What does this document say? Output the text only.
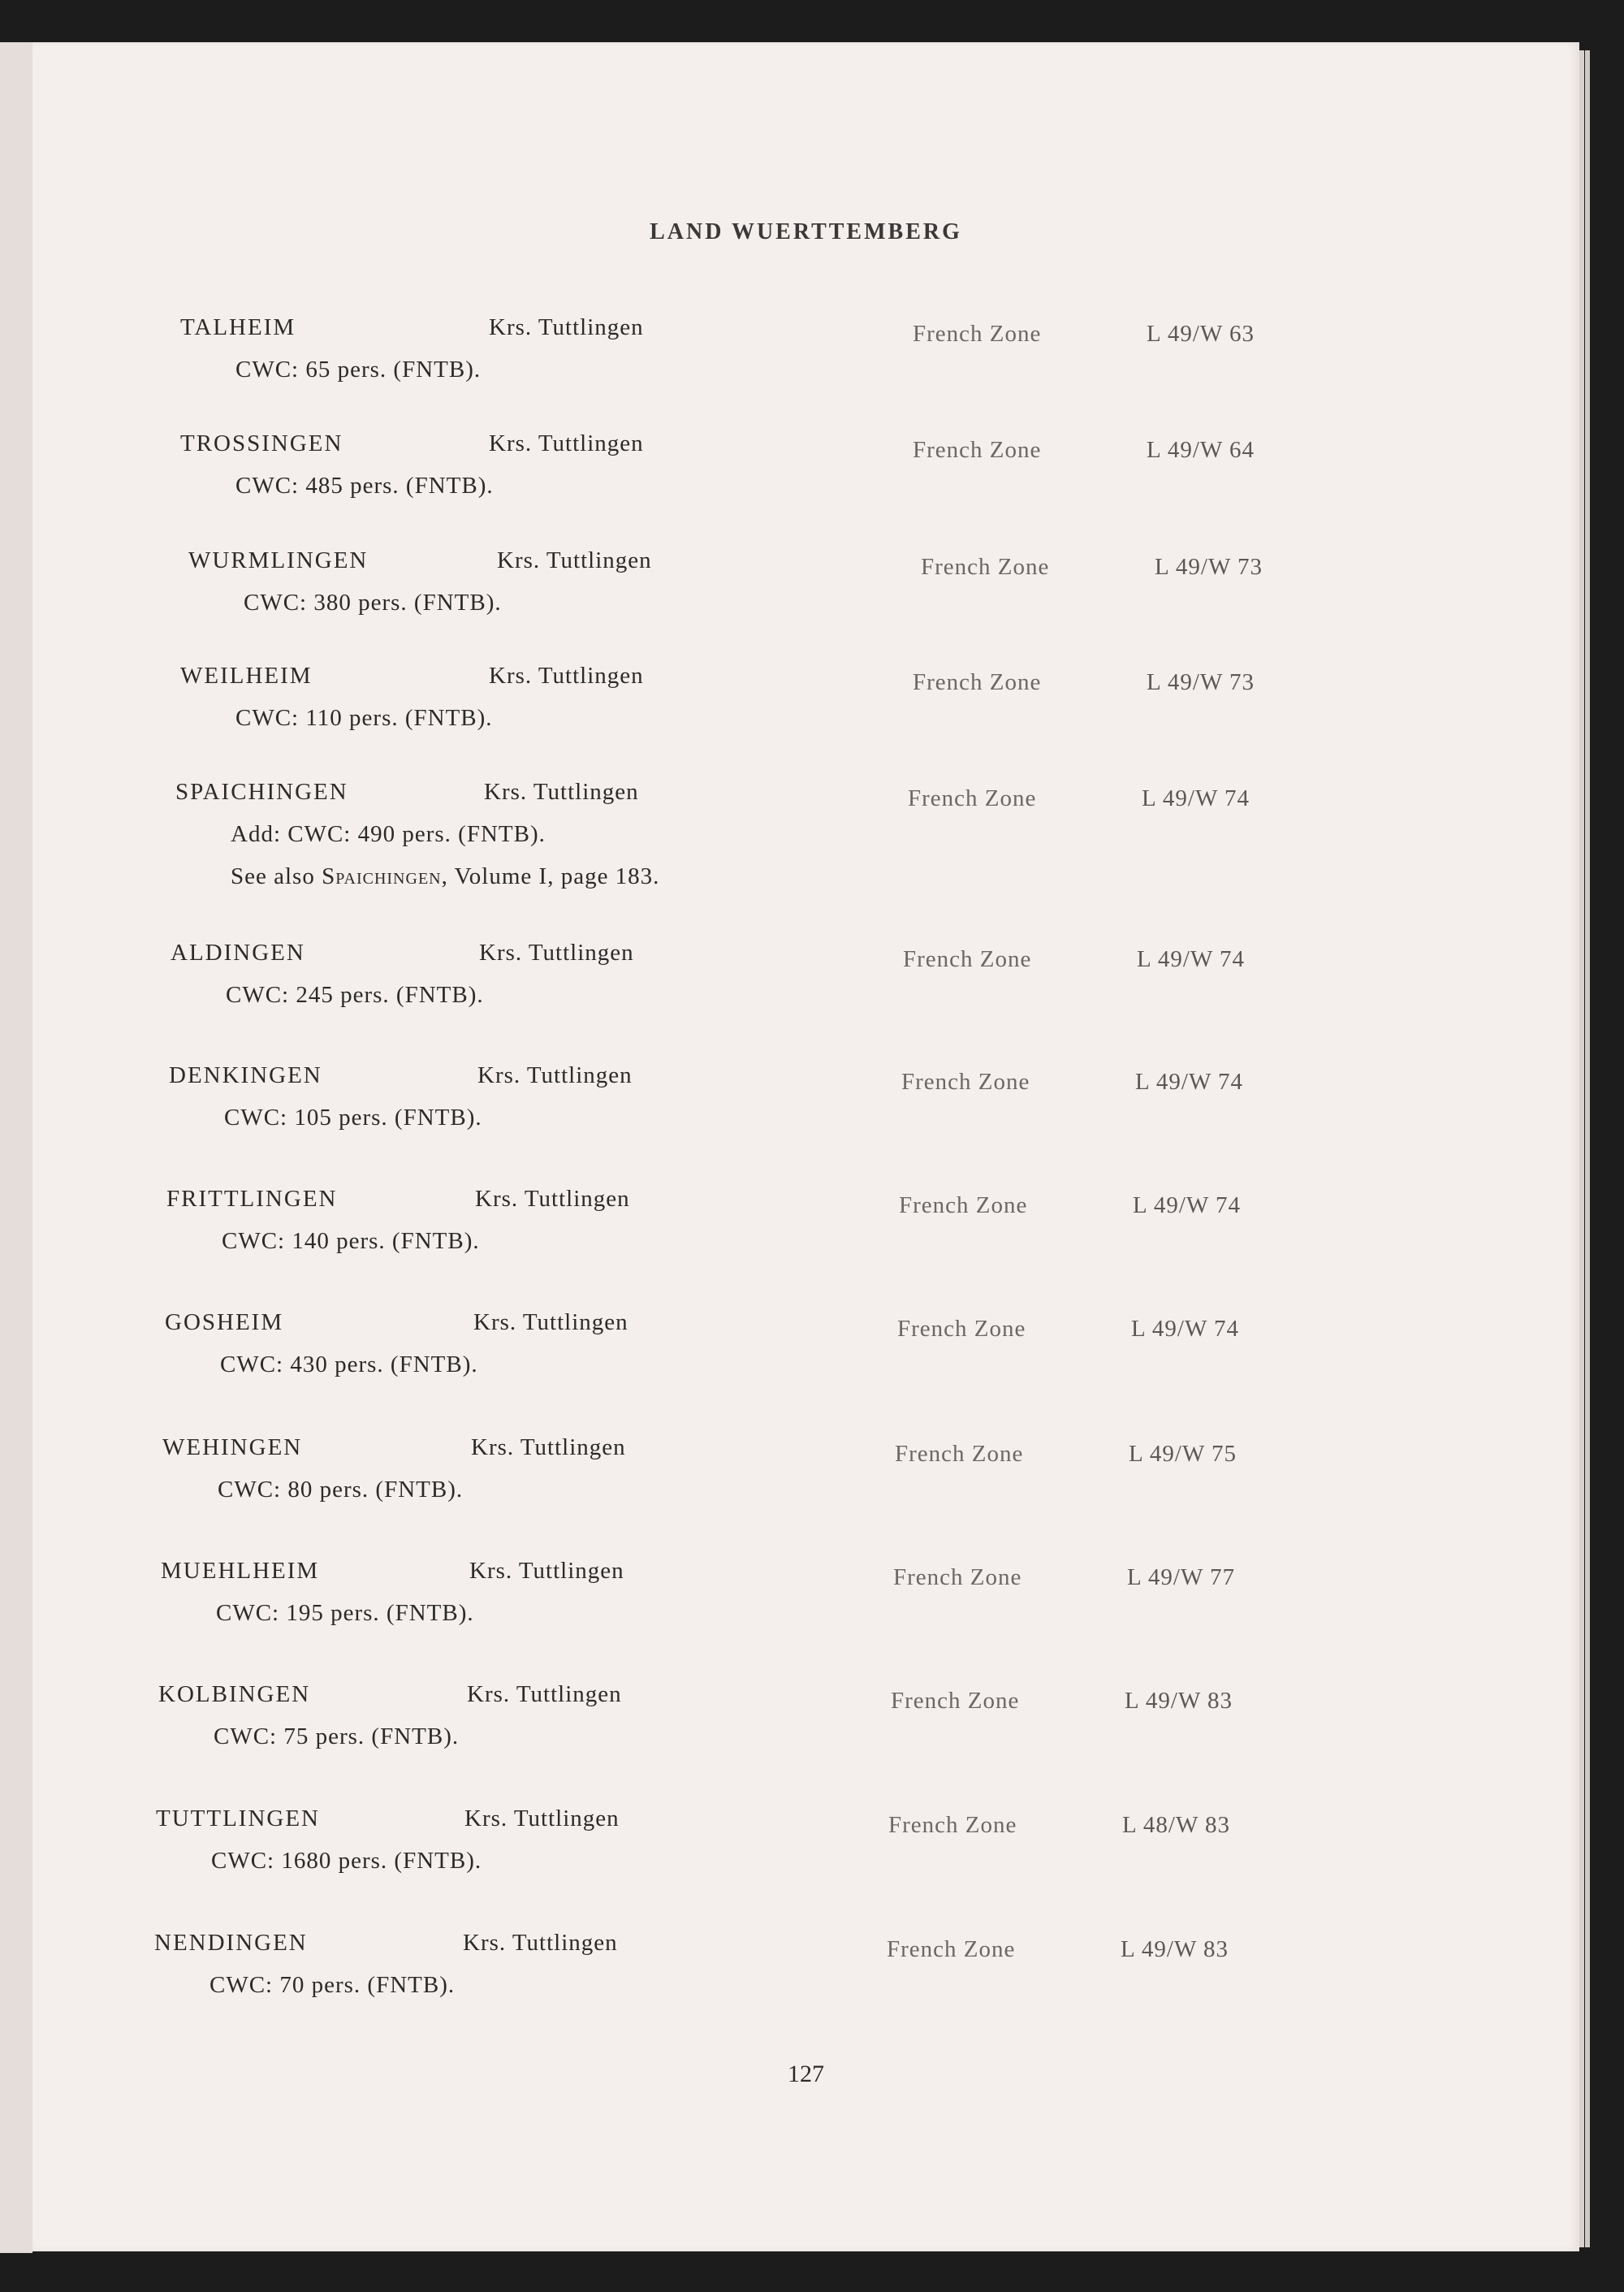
LAND WUERTTEMBERG
TALHEIM	Krs. Tuttlingen	French Zone	L 49/W 63
CWC: 65 pers. (FNTB).
TROSSINGEN	Krs. Tuttlingen	French Zone	L 49/W 64
CWC: 485 pers. (FNTB).
WURMLINGEN	Krs. Tuttlingen	French Zone	L 49/W 73
CWC: 380 pers. (FNTB).
WEILHEIM	Krs. Tuttlingen	French Zone	L 49/W 73
CWC: 110 pers. (FNTB).
SPAICHINGEN	Krs. Tuttlingen	French Zone	L 49/W 74
Add: CWC: 490 pers. (FNTB).
See also Spaichingen, Volume I, page 183.
ALDINGEN	Krs. Tuttlingen	French Zone	L 49/W 74
CWC: 245 pers. (FNTB).
DENKINGEN	Krs. Tuttlingen	French Zone	L 49/W 74
CWC: 105 pers. (FNTB).
FRITTLINGEN	Krs. Tuttlingen	French Zone	L 49/W 74
CWC: 140 pers. (FNTB).
GOSHEIM	Krs. Tuttlingen	French Zone	L 49/W 74
CWC: 430 pers. (FNTB).
WEHINGEN	Krs. Tuttlingen	French Zone	L 49/W 75
CWC: 80 pers. (FNTB).
MUEHLHEIM	Krs. Tuttlingen	French Zone	L 49/W 77
CWC: 195 pers. (FNTB).
KOLBINGEN	Krs. Tuttlingen	French Zone	L 49/W 83
CWC: 75 pers. (FNTB).
TUTTLINGEN	Krs. Tuttlingen	French Zone	L 48/W 83
CWC: 1680 pers. (FNTB).
NENDINGEN	Krs. Tuttlingen	French Zone	L 49/W 83
CWC: 70 pers. (FNTB).
127
